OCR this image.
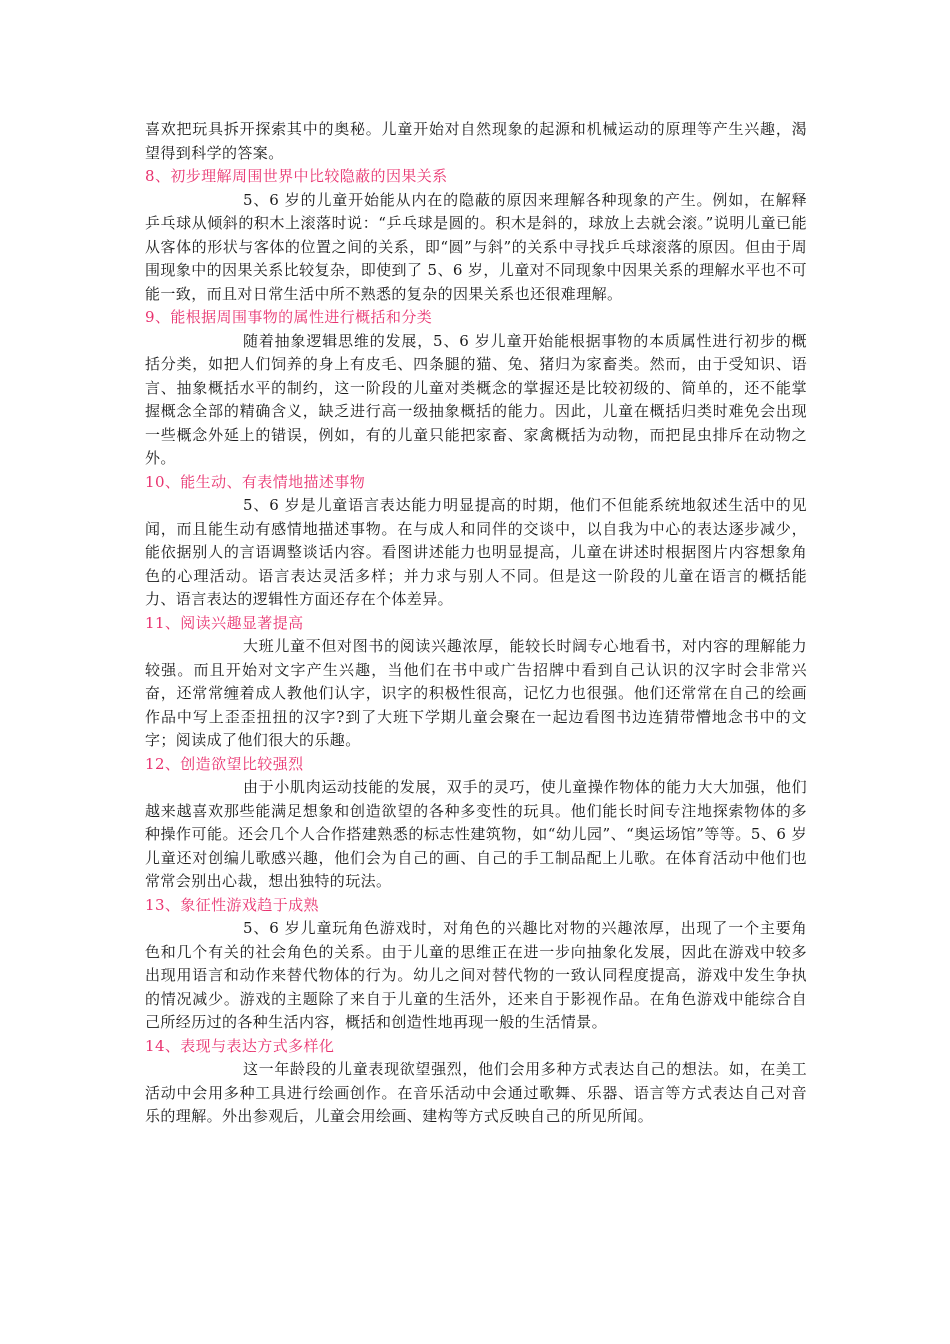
喜欢把玩具拆开探索其中的奥秘。儿童开始对自然现象的起源和机械运动的原理等产生兴趣，渴望得到科学的答案。

8、初步理解周围世界中比较隐蔽的因果关系

5、6 岁的儿童开始能从内在的隐蔽的原因来理解各种现象的产生。例如，在解释乒乓球从倾斜的积木上滚落时说：“乒乓球是圆的。积木是斜的，球放上去就会滚。”说明儿童已能从客体的形状与客体的位置之间的关系，即“圆”与斜”的关系中寻找乒乓球滚落的原因。但由于周围现象中的因果关系比较复杂，即使到了 5、6 岁，儿童对不同现象中因果关系的理解水平也不可能一致，而且对日常生活中所不熟悉的复杂的因果关系也还很难理解。

9、能根据周围事物的属性进行概括和分类

随着抽象逻辑思维的发展，5、6 岁儿童开始能根据事物的本质属性进行初步的概括分类，如把人们饲养的身上有皮毛、四条腿的猫、兔、猪归为家畜类。然而，由于受知识、语言、抽象概括水平的制约，这一阶段的儿童对类概念的掌握还是比较初级的、简单的，还不能掌握概念全部的精确含义，缺乏进行高一级抽象概括的能力。因此，儿童在概括归类时难免会出现一些概念外延上的错误，例如，有的儿童只能把家畜、家禽概括为动物，而把昆虫排斥在动物之外。

10、能生动、有表情地描述事物

5、6 岁是儿童语言表达能力明显提高的时期，他们不但能系统地叙述生活中的见闻，而且能生动有感情地描述事物。在与成人和同伴的交谈中，以自我为中心的表达逐步减少，能依据别人的言语调整谈话内容。看图讲述能力也明显提高，儿童在讲述时根据图片内容想象角色的心理活动。语言表达灵活多样；并力求与别人不同。但是这一阶段的儿童在语言的概括能力、语言表达的逻辑性方面还存在个体差异。

11、阅读兴趣显著提高

大班儿童不但对图书的阅读兴趣浓厚，能较长时阔专心地看书，对内容的理解能力较强。而且开始对文字产生兴趣，当他们在书中或广告招牌中看到自己认识的汉字时会非常兴奋，还常常缠着成人教他们认字，识字的积极性很高，记忆力也很强。他们还常常在自己的绘画作品中写上歪歪扭扭的汉字?到了大班下学期儿童会聚在一起边看图书边连猜带懵地念书中的文字；阅读成了他们很大的乐趣。

12、创造欲望比较强烈

由于小肌肉运动技能的发展，双手的灵巧，使儿童操作物体的能力大大加强，他们越来越喜欢那些能满足想象和创造欲望的各种多变性的玩具。他们能长时间专注地探索物体的多种操作可能。还会几个人合作搭建熟悉的标志性建筑物，如“幼儿园”、“奥运场馆”等等。5、6 岁儿童还对创编儿歌感兴趣，他们会为自己的画、自己的手工制品配上儿歌。在体育活动中他们也常常会别出心裁，想出独特的玩法。

13、象征性游戏趋于成熟

5、6 岁儿童玩角色游戏时，对角色的兴趣比对物的兴趣浓厚，出现了一个主要角色和几个有关的社会角色的关系。由于儿童的思维正在进一步向抽象化发展，因此在游戏中较多出现用语言和动作来替代物体的行为。幼儿之间对替代物的一致认同程度提高，游戏中发生争执的情况减少。游戏的主题除了来自于儿童的生活外，还来自于影视作品。在角色游戏中能综合自己所经历过的各种生活内容，概括和创造性地再现一般的生活情景。

14、表现与表达方式多样化

这一年龄段的儿童表现欲望强烈，他们会用多种方式表达自己的想法。如，在美工活动中会用多种工具进行绘画创作。在音乐活动中会通过歌舞、乐器、语言等方式表达自己对音乐的理解。外出参观后，儿童会用绘画、建构等方式反映自己的所见所闻。
